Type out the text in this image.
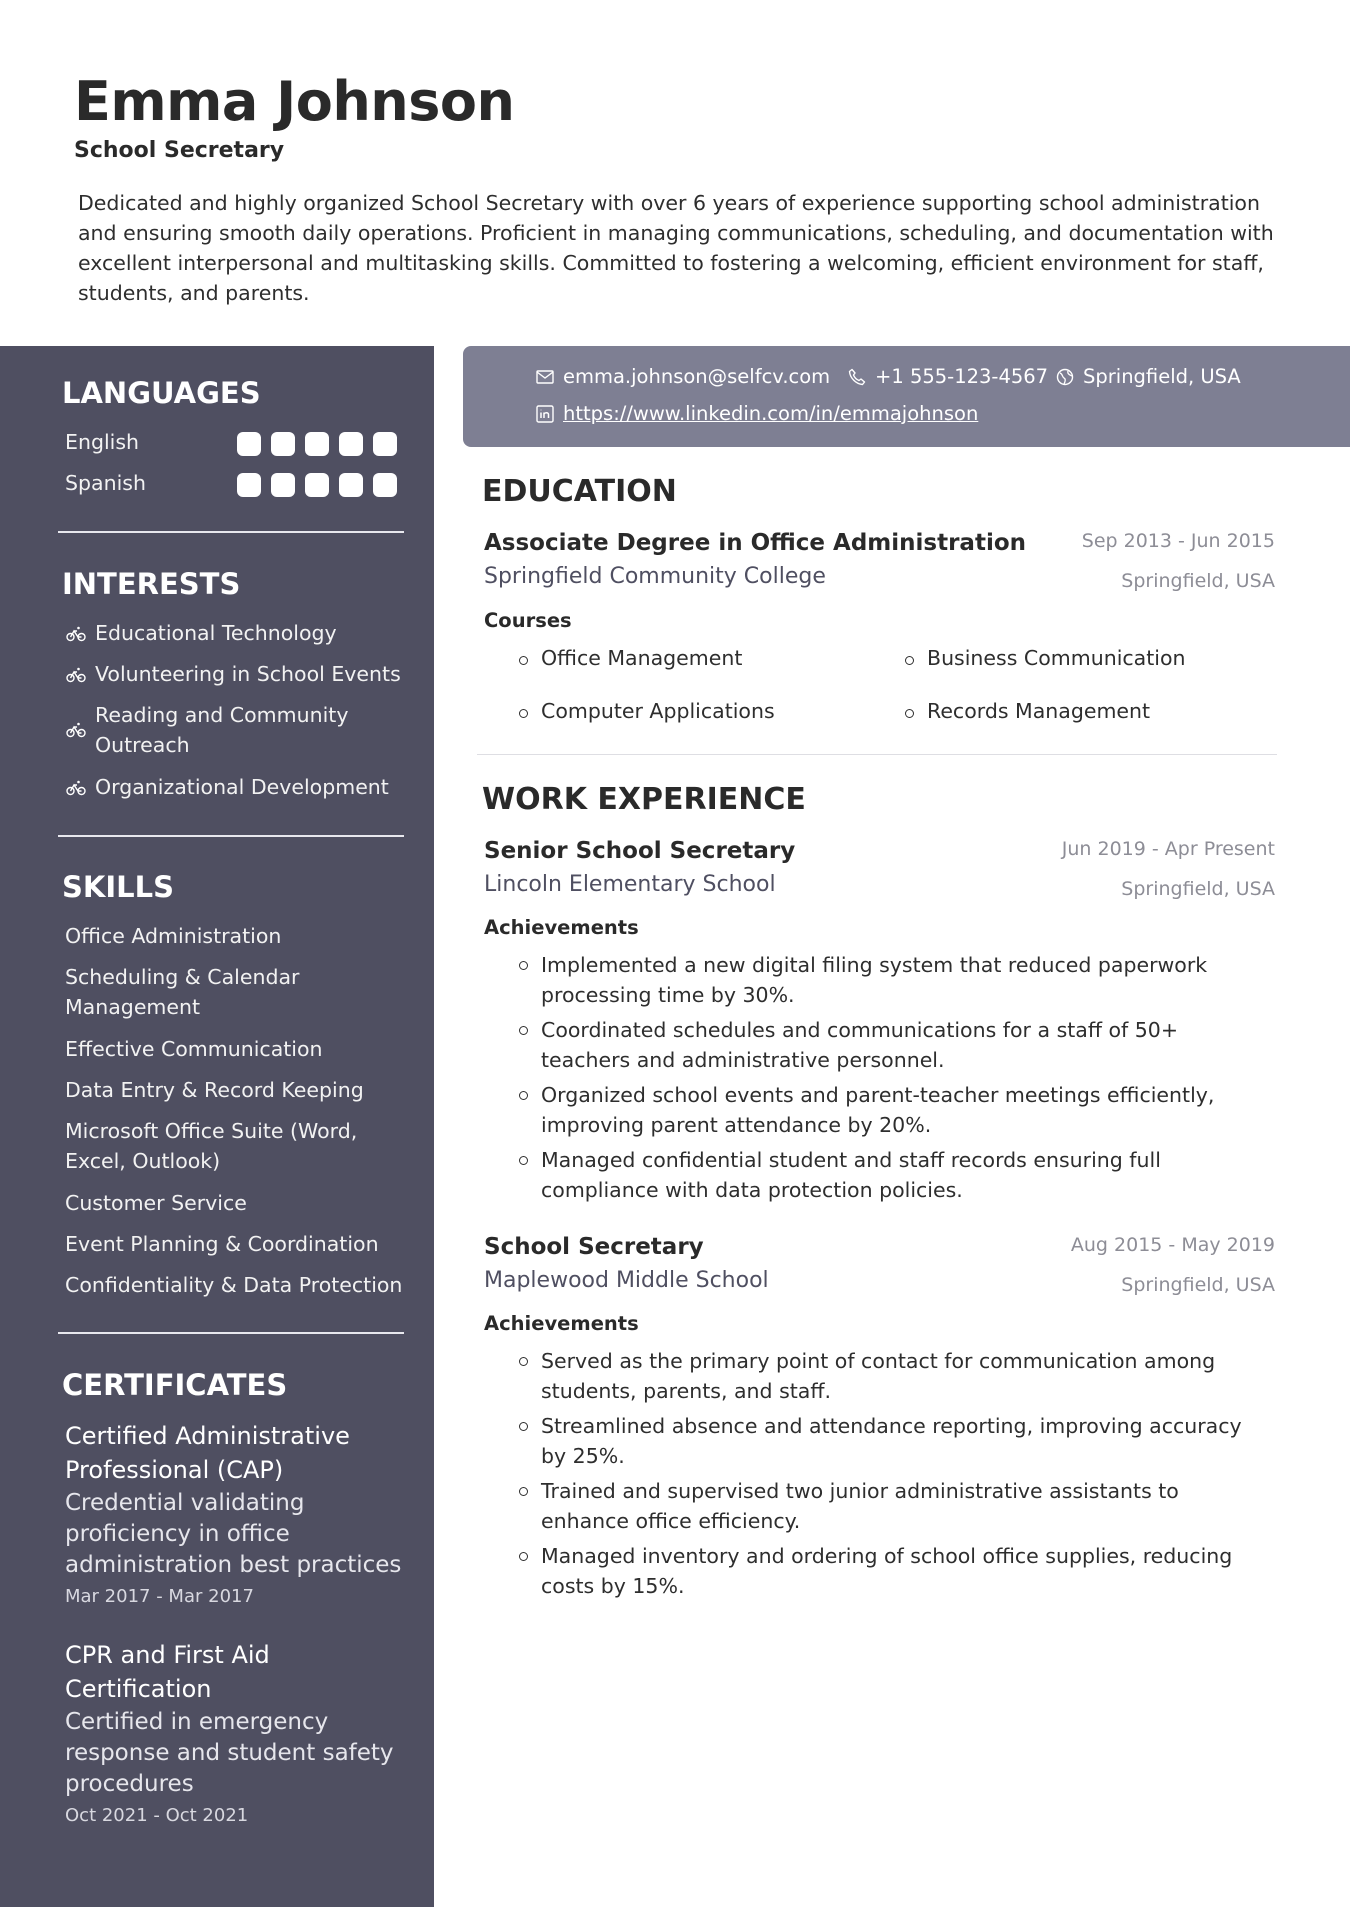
Emma Johnson
School Secretary

Dedicated and highly organized School Secretary with over 6 years of experience supporting school administration and ensuring smooth daily operations. Proficient in managing communications, scheduling, and documentation with excellent interpersonal and multitasking skills. Committed to fostering a welcoming, efficient environment for staff, students, and parents.

LANGUAGES
English
Spanish
INTERESTS
Educational Technology
Volunteering in School Events
Reading and Community Outreach
Organizational Development
SKILLS
Office Administration
Scheduling & Calendar Management
Effective Communication
Data Entry & Record Keeping
Microsoft Office Suite (Word, Excel, Outlook)
Customer Service
Event Planning & Coordination
Confidentiality & Data Protection
CERTIFICATES
Certified Administrative Professional (CAP)
Credential validating proficiency in office administration best practices
Mar 2017 - Mar 2017
CPR and First Aid Certification
Certified in emergency response and student safety procedures
Oct 2021 - Oct 2021
emma.johnson@selfcv.com +1 555-123-4567 Springfield, USA
https://www.linkedin.com/in/emmajohnson
EDUCATION
Associate Degree in Office Administration	Sep 2013 - Jun 2015
Springfield Community College	Springfield, USA
Courses
Office Management	Business Communication
Computer Applications	Records Management
WORK EXPERIENCE
Senior School Secretary	Jun 2019 - Apr Present
Lincoln Elementary School	Springfield, USA
Achievements
Implemented a new digital filing system that reduced paperwork processing time by 30%.
Coordinated schedules and communications for a staff of 50+ teachers and administrative personnel.
Organized school events and parent-teacher meetings efficiently, improving parent attendance by 20%.
Managed confidential student and staff records ensuring full compliance with data protection policies.
School Secretary	Aug 2015 - May 2019
Maplewood Middle School	Springfield, USA
Achievements
Served as the primary point of contact for communication among students, parents, and staff.
Streamlined absence and attendance reporting, improving accuracy by 25%.
Trained and supervised two junior administrative assistants to enhance office efficiency.
Managed inventory and ordering of school office supplies, reducing costs by 15%.
